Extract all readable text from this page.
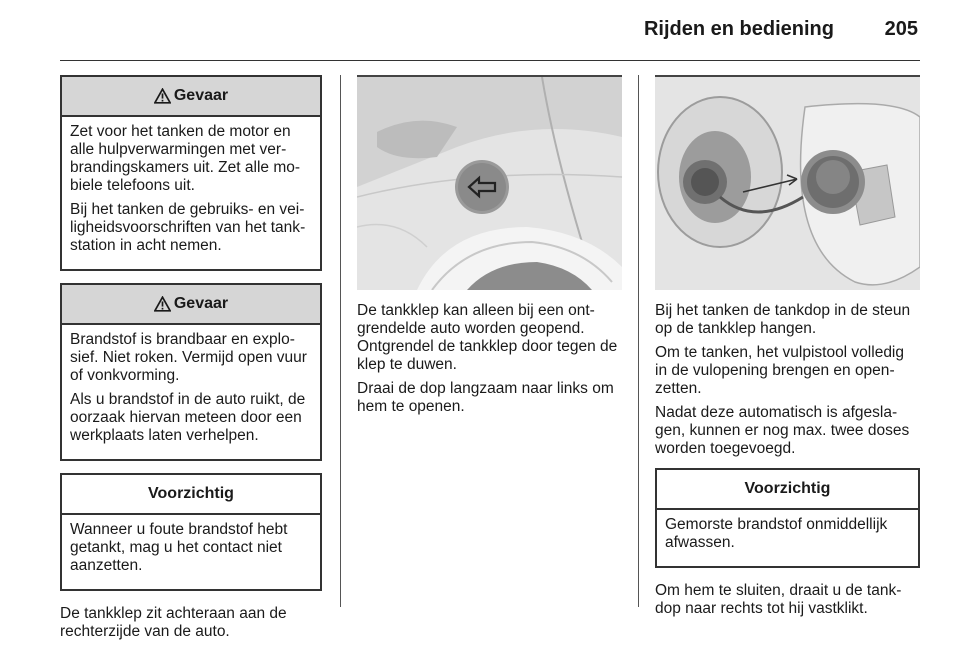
Rijden en bediening	205
Gevaar

Zet voor het tanken de motor en alle hulpverwarmingen met verbrandingskamers uit. Zet alle mobiele telefoons uit.

Bij het tanken de gebruiks- en veiligheidsvoorschriften van het tankstation in acht nemen.

Gevaar

Brandstof is brandbaar en explosief. Niet roken. Vermijd open vuur of vonkvorming.

Als u brandstof in de auto ruikt, de oorzaak hiervan meteen door een werkplaats laten verhelpen.

Voorzichtig

Wanneer u foute brandstof hebt getankt, mag u het contact niet aanzetten.

De tankklep zit achteraan aan de rechterzijde van de auto.

De tankklep kan alleen bij een ontgrendelde auto worden geopend. Ontgrendel de tankklep door tegen de klep te duwen.

Draai de dop langzaam naar links om hem te openen.

Bij het tanken de tankdop in de steun op de tankklep hangen.

Om te tanken, het vulpistool volledig in de vulopening brengen en openzetten.

Nadat deze automatisch is afgeslagen, kunnen er nog max. twee doses worden toegevoegd.

Voorzichtig

Gemorste brandstof onmiddellijk afwassen.

Om hem te sluiten, draait u de tankdop naar rechts tot hij vastklikt.
